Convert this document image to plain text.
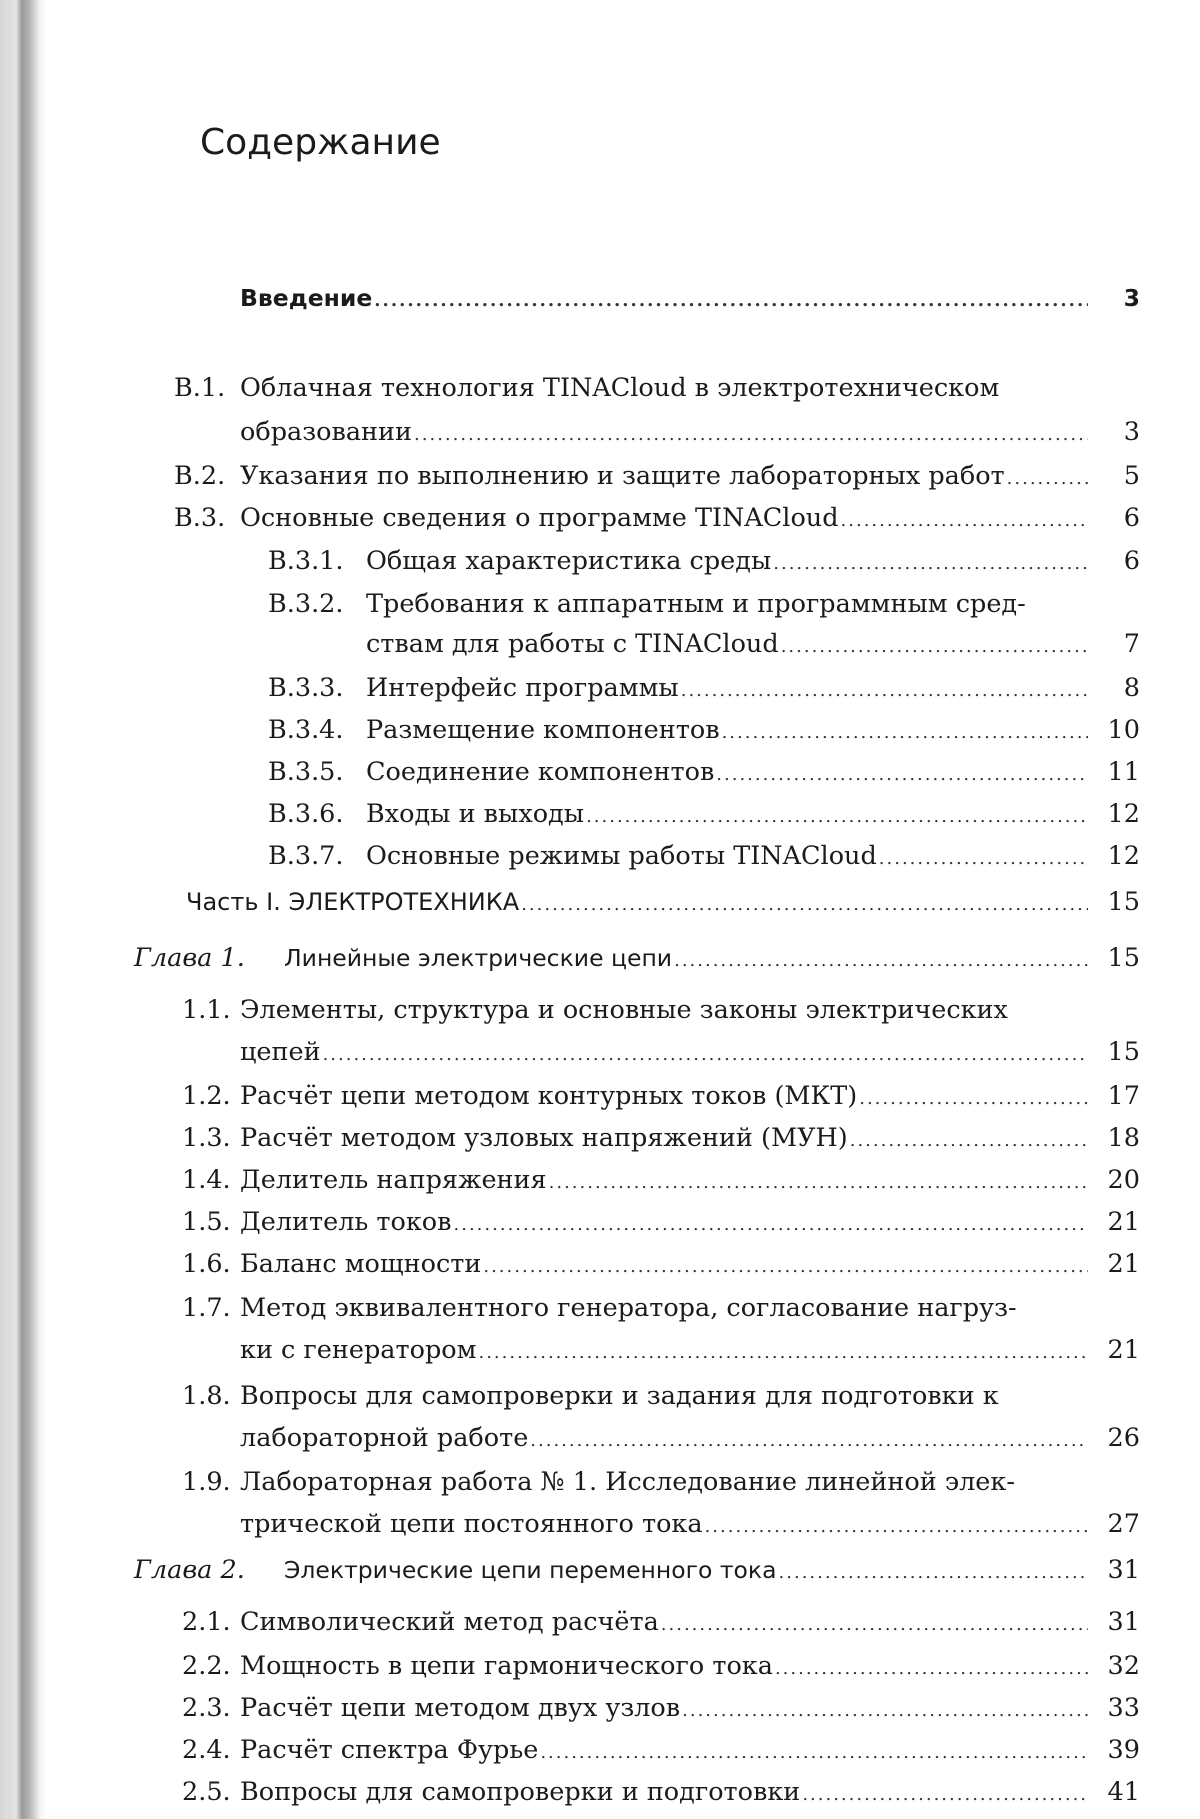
Содержание
Введение
.....	3
В.1. Облачная технология TINACloud в электротехническом
образовании
.....	3
В.2. Указания по выполнению и защите лабораторных работ
.....	5
В.3. Основные сведения о программе TINACloud
.....	6
В.3.1. Общая характеристика среды
.....	6
В.3.2. Требования к аппаратным и программным сред-
ствам для работы с TINACloud
.....	7
В.3.3. Интерфейс программы
.....	8
В.3.4. Размещение компонентов
.....	10
В.3.5. Соединение компонентов
.....	11
В.3.6. Входы и выходы
.....	12
В.3.7. Основные режимы работы TINACloud
.....	12
Часть I. ЭЛЕКТРОТЕХНИКА
.....	15
Глава 1.	Линейные электрические цепи
.....	15
1.1. Элементы, структура и основные законы электрических
цепей
.....	15
1.2. Расчёт цепи методом контурных токов (МКТ)
.....	17
1.3. Расчёт методом узловых напряжений (МУН)
.....	18
1.4. Делитель напряжения
.....	20
1.5. Делитель токов
.....	21
1.6. Баланс мощности
.....	21
1.7. Метод эквивалентного генератора, согласование нагруз-
ки с генератором
.....	21
1.8. Вопросы для самопроверки и задания для подготовки к
лабораторной работе
.....	26
1.9. Лабораторная работа № 1. Исследование линейной элек-
трической цепи постоянного тока
.....	27
Глава 2.	Электрические цепи переменного тока
.....	31
2.1. Символический метод расчёта
.....	31
2.2. Мощность в цепи гармонического тока
.....	32
2.3. Расчёт цепи методом двух узлов
.....	33
2.4. Расчёт спектра Фурье
.....	39
2.5. Вопросы для самопроверки и подготовки
.....	41
